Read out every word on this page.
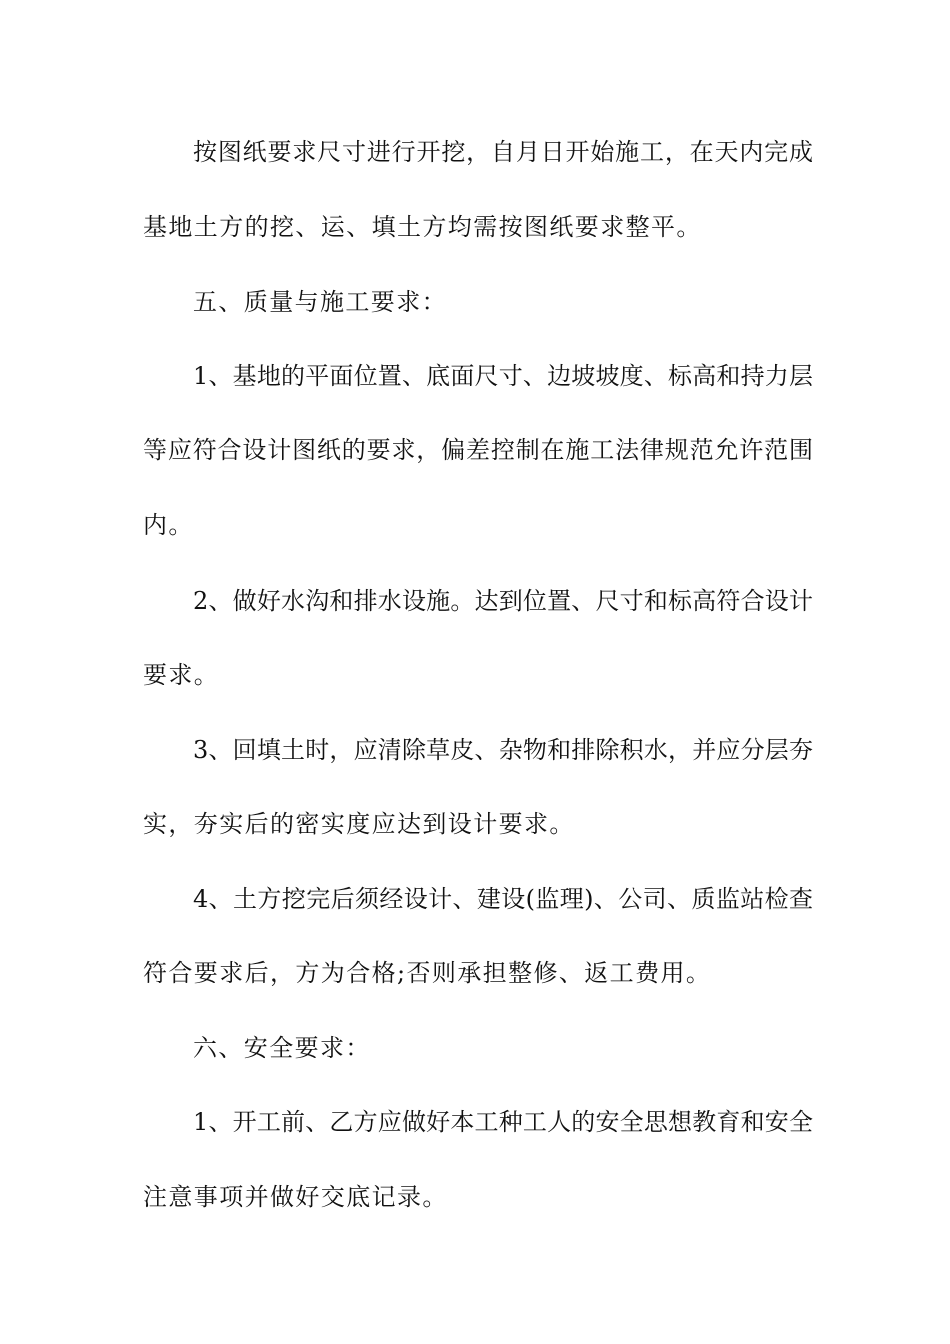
按图纸要求尺寸进行开挖，自月日开始施工，在天内完成

基地土方的挖、运、填土方均需按图纸要求整平。

五、质量与施工要求：

1、基地的平面位置、底面尺寸、边坡坡度、标高和持力层

等应符合设计图纸的要求，偏差控制在施工法律规范允许范围

内。

2、做好水沟和排水设施。达到位置、尺寸和标高符合设计

要求。

3、回填土时，应清除草皮、杂物和排除积水，并应分层夯

实，夯实后的密实度应达到设计要求。

4、土方挖完后须经设计、建设(监理)、公司、质监站检查

符合要求后，方为合格;否则承担整修、返工费用。

六、安全要求：

1、开工前、乙方应做好本工种工人的安全思想教育和安全

注意事项并做好交底记录。
